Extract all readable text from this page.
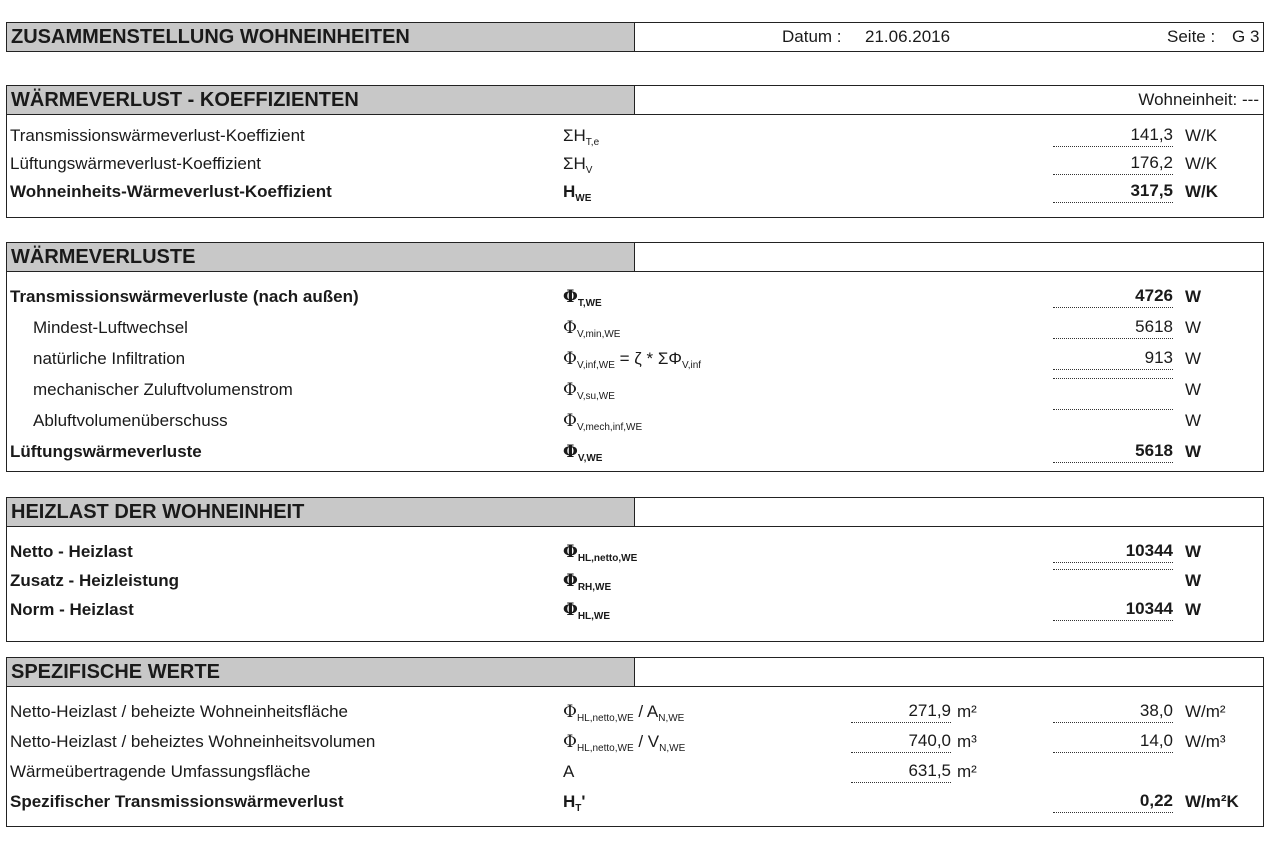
ZUSAMMENSTELLUNG WOHNEINHEITEN	Datum : 21.06.2016	Seite : G 3
WÄRMEVERLUST - KOEFFIZIENTEN	Wohneinheit: ---
Transmissionswärmeverlust-Koeffizient	$\Sigma H_{T,e}$	141,3 W/K
Lüftungswärmeverlust-Koeffizient	$\Sigma H_V$	176,2 W/K
Wohneinheits-Wärmeverlust-Koeffizient	$H_{WE}$	317,5 W/K
WÄRMEVERLUSTE
Transmissionswärmeverluste (nach außen)	$\Phi_{T,WE}$	4726 W
Mindest-Luftwechsel	$\Phi_{V,min,WE}$	5618 W
natürliche Infiltration	$\Phi_{V,inf,WE} = \zeta * \Sigma\Phi_{V,inf}$	913 W
mechanischer Zuluftvolumenstrom	$\Phi_{V,su,WE}$	W
Abluftvolumenüberschuss	$\Phi_{V,mech,inf,WE}$	W
Lüftungswärmeverluste	$\Phi_{V,WE}$	5618 W
HEIZLAST DER WOHNEINHEIT
Netto - Heizlast	$\Phi_{HL,netto,WE}$	10344 W
Zusatz - Heizleistung	$\Phi_{RH,WE}$	W
Norm - Heizlast	$\Phi_{HL,WE}$	10344 W
SPEZIFISCHE WERTE
Netto-Heizlast / beheizte Wohneinheitsfläche	$\Phi_{HL,netto,WE} / A_{N,WE}$	271,9 m²	38,0 W/m²
Netto-Heizlast / beheiztes Wohneinheitsvolumen	$\Phi_{HL,netto,WE} / V_{N,WE}$	740,0 m³	14,0 W/m³
Wärmeübertragende Umfassungsfläche	A	631,5 m²
Spezifischer Transmissionswärmeverlust	$H_T'$	0,22 W/m²K
